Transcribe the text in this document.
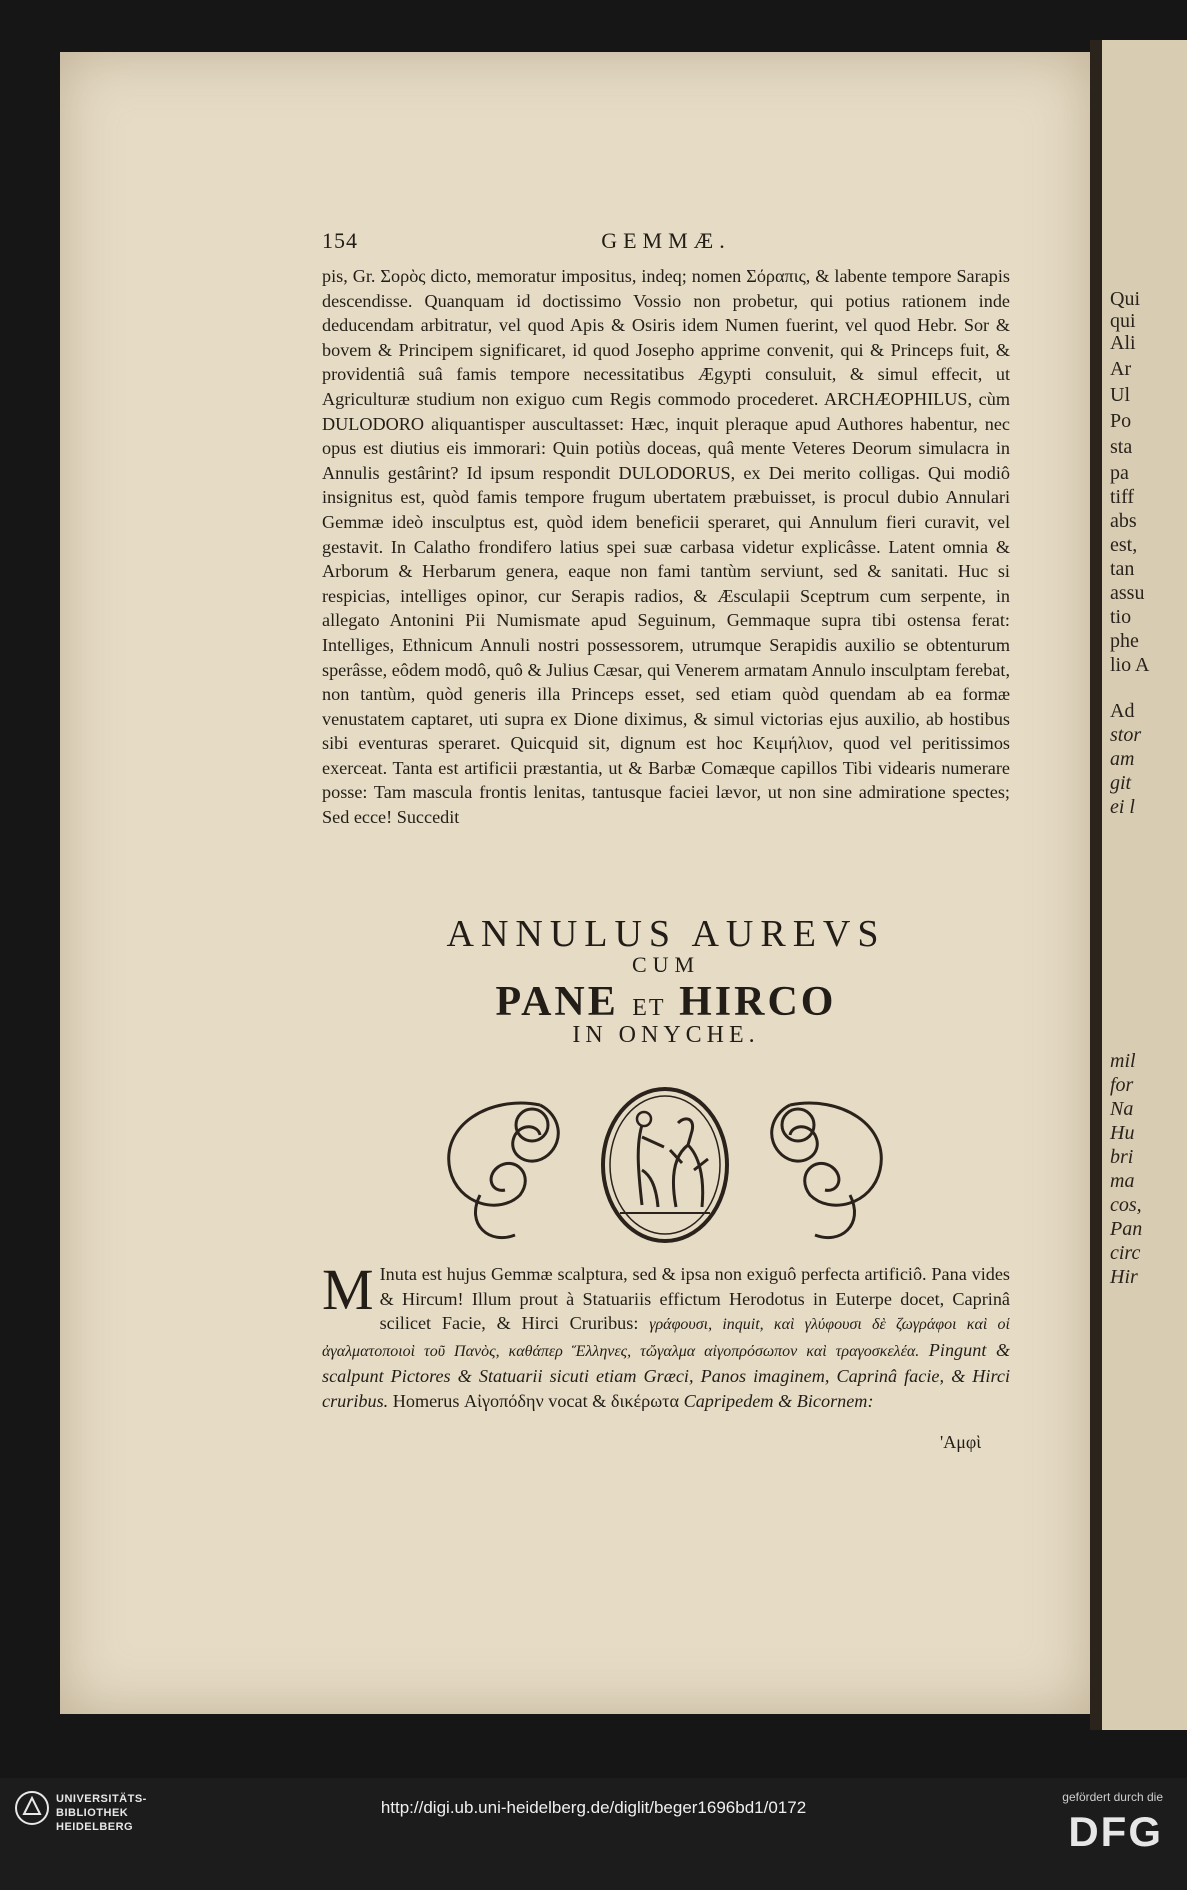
Qui
qui
Ali
Ar
Ul
Po
sta
pa
tiff
abs
est,
tan
assu
tio
phe
lio A
Ad
stor
am
git
ei l
mil
for
Na
Hu
bri
ma
cos,
Pan
circ
Hir
154	GEMMÆ.

pis, Gr. Σορὸς dicto, memoratur impositus, indeq; nomen Σόραπις, & labente tempore Sarapis descendisse. Quanquam id doctissimo Vossio non probetur, qui potius rationem inde deducendam arbitratur, vel quod Apis & Osiris idem Numen fuerint, vel quod Hebr. Sor & bovem & Principem significaret, id quod Josepho apprime convenit, qui & Princeps fuit, & providentiâ suâ famis tempore necessitatibus Ægypti consuluit, & simul effecit, ut Agriculturæ studium non exiguo cum Regis commodo procederet. ARCHÆOPHILUS, cùm DULODORO aliquantisper auscultasset: Hæc, inquit pleraque apud Authores habentur, nec opus est diutius eis immorari: Quin potiùs doceas, quâ mente Veteres Deorum simulacra in Annulis gestârint? Id ipsum respondit DULODORUS, ex Dei merito colligas. Qui modiô insignitus est, quòd famis tempore frugum ubertatem præbuisset, is procul dubio Annulari Gemmæ ideò insculptus est, quòd idem beneficii speraret, qui Annulum fieri curavit, vel gestavit. In Calatho frondifero latius spei suæ carbasa videtur explicâsse. Latent omnia & Arborum & Herbarum genera, eaque non fami tantùm serviunt, sed & sanitati. Huc si respicias, intelliges opinor, cur Serapis radios, & Æsculapii Sceptrum cum serpente, in allegato Antonini Pii Numismate apud Seguinum, Gemmaque supra tibi ostensa ferat: Intelliges, Ethnicum Annuli nostri possessorem, utrumque Serapidis auxilio se obtenturum sperâsse, eôdem modô, quô & Julius Cæsar, qui Venerem armatam Annulo insculptam ferebat, non tantùm, quòd generis illa Princeps esset, sed etiam quòd quendam ab ea formæ venustatem captaret, uti supra ex Dione diximus, & simul victorias ejus auxilio, ab hostibus sibi eventuras speraret. Quicquid sit, dignum est hoc Κειμήλιον, quod vel peritissimos exerceat. Tanta est artificii præstantia, ut & Barbæ Comæque capillos Tibi videaris numerare posse: Tam mascula frontis lenitas, tantusque faciei lævor, ut non sine admiratione spectes; Sed ecce! Succedit

ANNULUS AUREVS
CUM
PANE ET HIRCO
IN ONYCHE.
M Inuta est hujus Gemmæ scalptura, sed & ipsa non exiguô perfecta artificiô. Pana vides & Hircum! Illum prout à Statuariis effictum Herodotus in Euterpe docet, Caprinâ scilicet Facie, & Hirci Cruribus: γράφουσι, inquit, καὶ γλύφουσι δὲ ζωγράφοι καὶ οἱ ἀγαλματοποιοὶ τοῦ Πανὸς, καθάπερ Ἕλληνες, τὤγαλμα αἰγοπρόσωπον καὶ τραγοσκελέα. Pingunt & scalpunt Pictores & Statuarii sicuti etiam Græci, Panos imaginem, Caprinâ facie, & Hirci cruribus. Homerus Αἰγοπόδην vocat & δικέρωτα Capripedem & Bicornem:
'Αμφὶ
UNIVERSITÄTS-
BIBLIOTHEK
HEIDELBERG
http://digi.ub.uni-heidelberg.de/diglit/beger1696bd1/0172
gefördert durch die
DFG
